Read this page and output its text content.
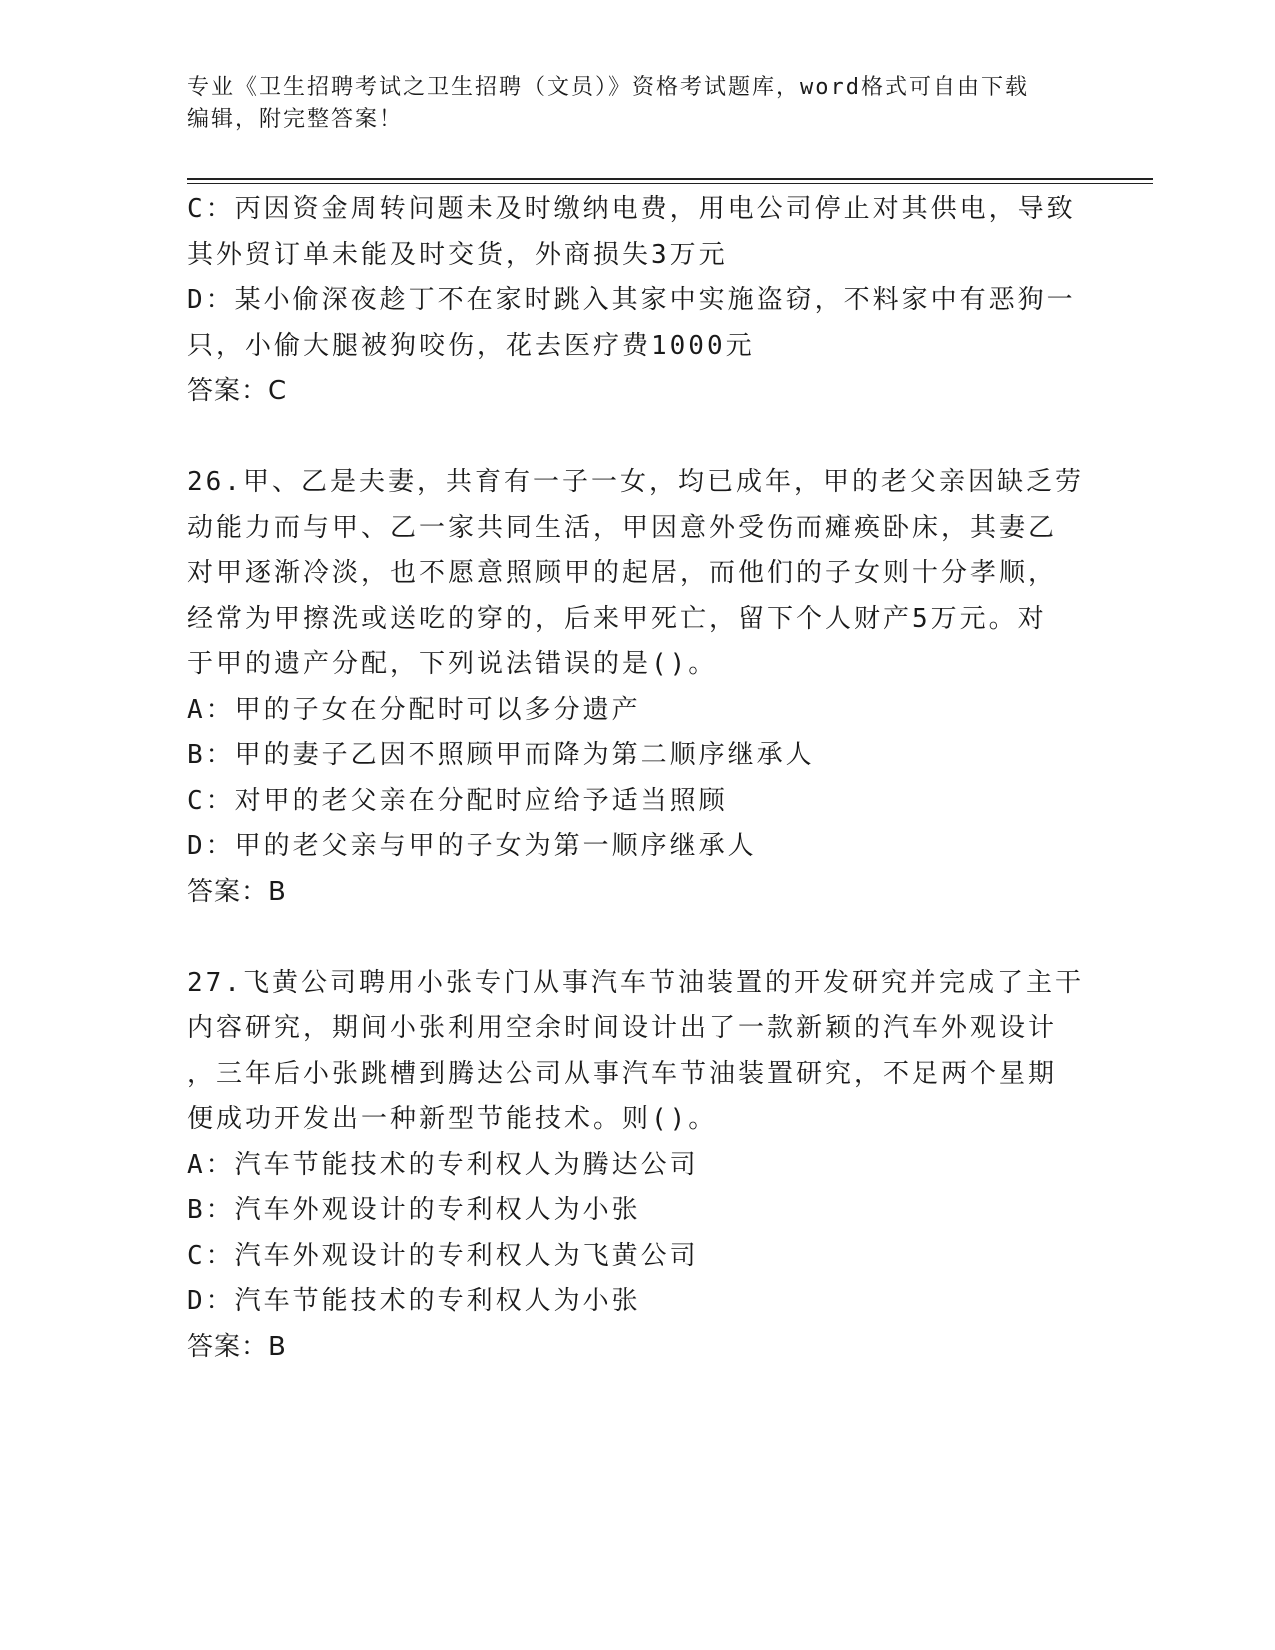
专业《卫生招聘考试之卫生招聘（文员）》资格考试题库，word格式可自由下载
编辑，附完整答案！
C：丙因资金周转问题未及时缴纳电费，用电公司停止对其供电，导致
其外贸订单未能及时交货，外商损失3万元
D：某小偷深夜趁丁不在家时跳入其家中实施盗窃，不料家中有恶狗一
只，小偷大腿被狗咬伤，花去医疗费1000元
答案：C
26.甲、乙是夫妻，共育有一子一女，均已成年，甲的老父亲因缺乏劳
动能力而与甲、乙一家共同生活，甲因意外受伤而瘫痪卧床，其妻乙
对甲逐渐冷淡，也不愿意照顾甲的起居，而他们的子女则十分孝顺，
经常为甲擦洗或送吃的穿的，后来甲死亡，留下个人财产5万元。对
于甲的遗产分配，下列说法错误的是()。
A：甲的子女在分配时可以多分遗产
B：甲的妻子乙因不照顾甲而降为第二顺序继承人
C：对甲的老父亲在分配时应给予适当照顾
D：甲的老父亲与甲的子女为第一顺序继承人
答案：B
27.飞黄公司聘用小张专门从事汽车节油装置的开发研究并完成了主干
内容研究，期间小张利用空余时间设计出了一款新颖的汽车外观设计
，三年后小张跳槽到腾达公司从事汽车节油装置研究，不足两个星期
便成功开发出一种新型节能技术。则()。
A：汽车节能技术的专利权人为腾达公司
B：汽车外观设计的专利权人为小张
C：汽车外观设计的专利权人为飞黄公司
D：汽车节能技术的专利权人为小张
答案：B
